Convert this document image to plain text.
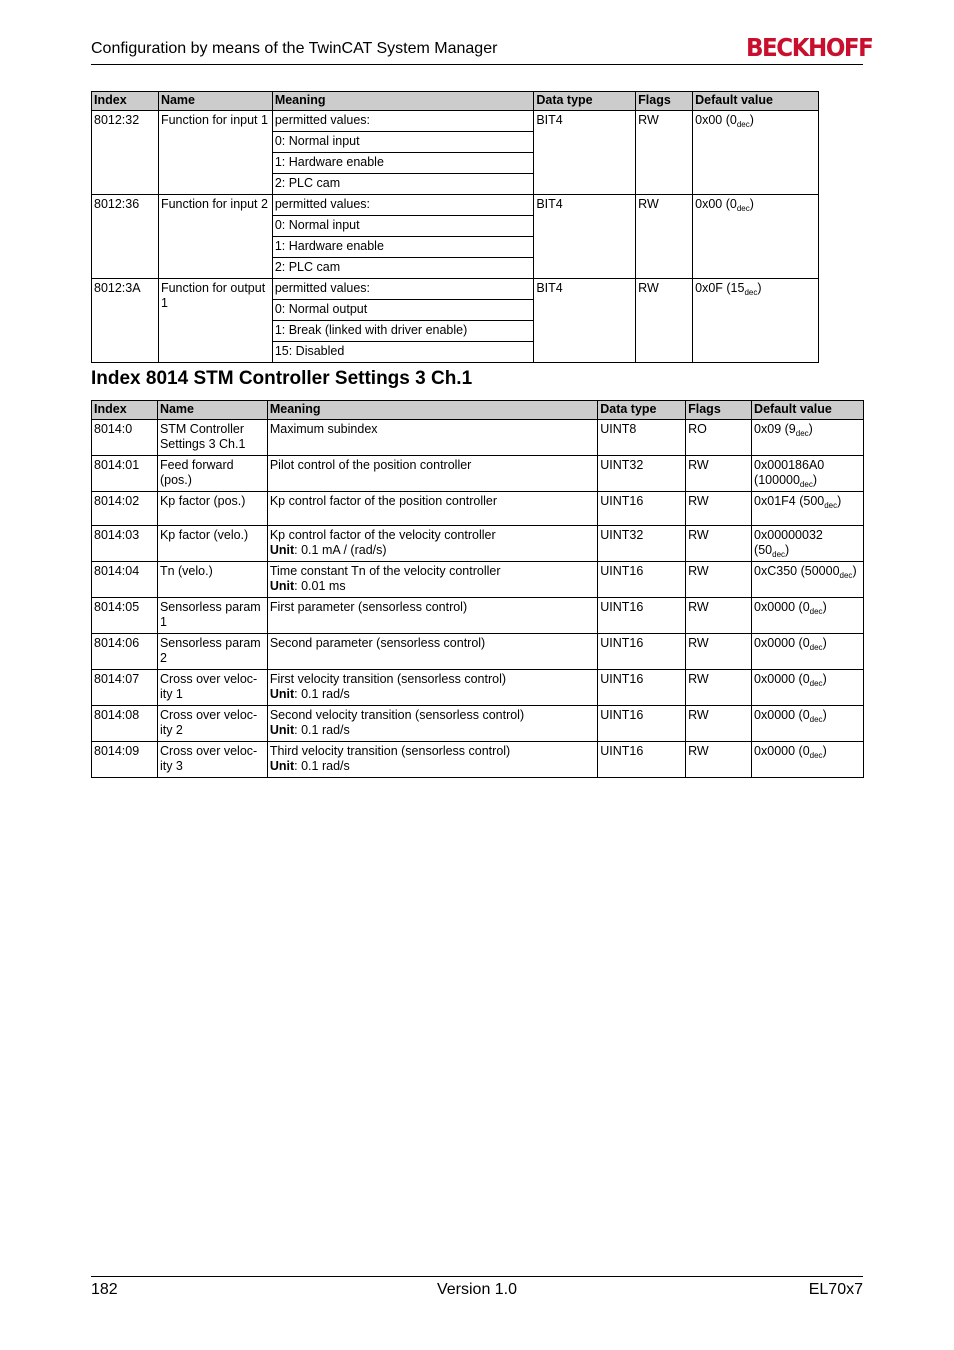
Configuration by means of the TwinCAT System Manager	BECKHOFF
Index	Name	Meaning	Data type	Flags	Default value
8012:32	Function for input 1	permitted values:	BIT4	RW	0x00 $(0_{dec})$
		0: Normal input			
		1: Hardware enable			
		2: PLC cam			
8012:36	Function for input 2	permitted values:	BIT4	RW	0x00 $(0_{dec})$
		0: Normal input			
		1: Hardware enable			
		2: PLC cam			
8012:3A	Function for output 1	permitted values:	BIT4	RW	0x0F $(15_{dec})$
		0: Normal output			
		1: Break (linked with driver enable)			
		15: Disabled			
Index 8014 STM Controller Settings 3 Ch.1
Index	Name	Meaning	Data type	Flags	Default value
8014:0	STM Controller Settings 3 Ch.1	Maximum subindex	UINT8	RO	0x09 $(9_{dec})$
8014:01	Feed forward (pos.)	Pilot control of the position controller	UINT32	RW	0x000186A0 $(100000_{dec})$
8014:02	Kp factor (pos.)	Kp control factor of the position controller	UINT16	RW	0x01F4 $(500_{dec})$
8014:03	Kp factor (velo.)	Kp control factor of the velocity controller
Unit: 0.1 mA / (rad/s)	UINT32	RW	0x00000032 $(50_{dec})$
8014:04	Tn (velo.)	Time constant Tn of the velocity controller
Unit: 0.01 ms	UINT16	RW	0xC350 $(50000_{dec})$
8014:05	Sensorless param 1	First parameter (sensorless control)	UINT16	RW	0x0000 $(0_{dec})$
8014:06	Sensorless param 2	Second parameter (sensorless control)	UINT16	RW	0x0000 $(0_{dec})$
8014:07	Cross over veloc-ity 1	First velocity transition (sensorless control)
Unit: 0.1 rad/s	UINT16	RW	0x0000 $(0_{dec})$
8014:08	Cross over veloc-ity 2	Second velocity transition (sensorless control)
Unit: 0.1 rad/s	UINT16	RW	0x0000 $(0_{dec})$
8014:09	Cross over veloc-ity 3	Third velocity transition (sensorless control)
Unit: 0.1 rad/s	UINT16	RW	0x0000 $(0_{dec})$
182	Version 1.0	EL70x7
